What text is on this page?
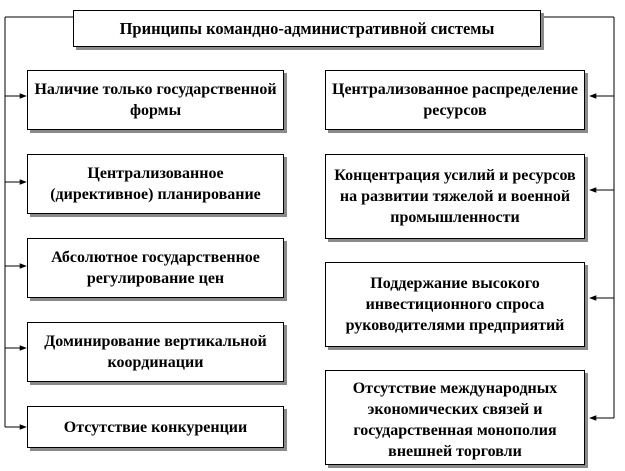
Принципы командно-административной системы
Наличие только государственной формы
Централизованное (директивное) планирование
Абсолютное государственное регулирование цен
Доминирование вертикальной координации
Отсутствие конкуренции
Централизованное распределение ресурсов
Концентрация усилий и ресурсов на развитии тяжелой и военной промышленности
Поддержание высокого инвестиционного спроса руководителями предприятий
Отсутствие международных экономических связей и государственная монополия внешней торговли
